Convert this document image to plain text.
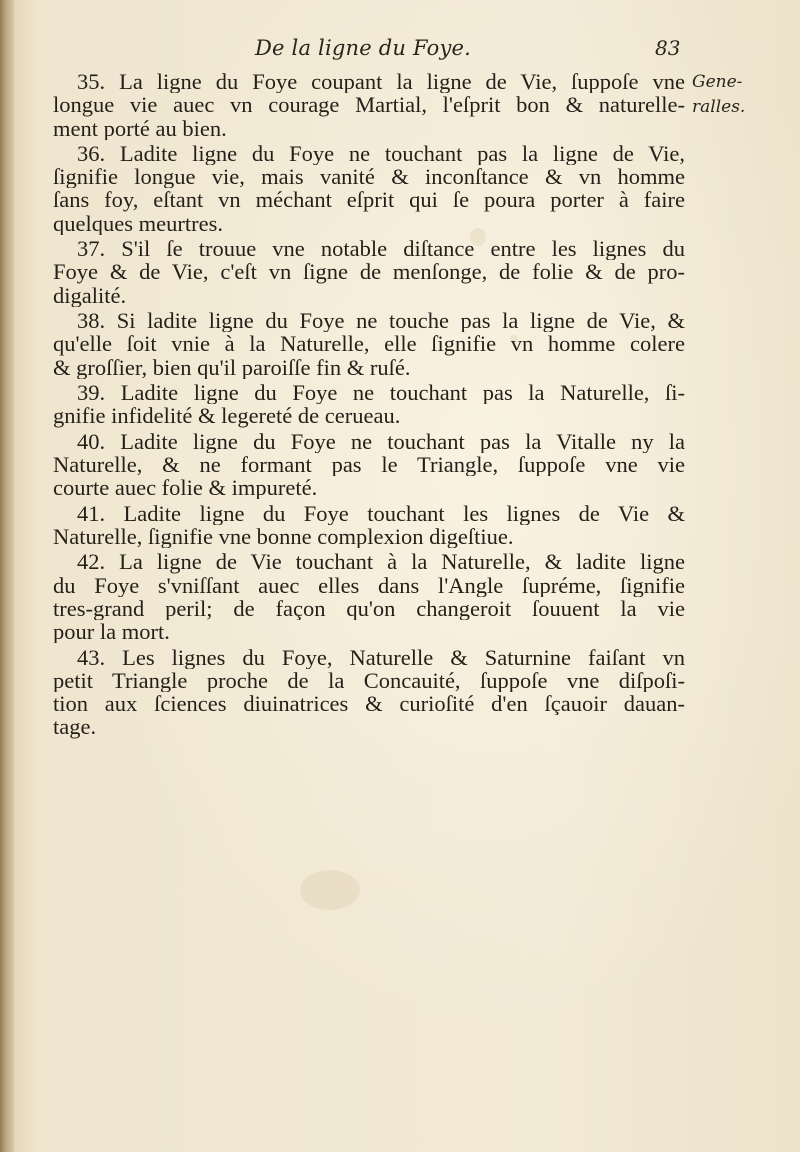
De la ligne du Foye.	83
Gene-
ralles.
35. La ligne du Foye coupant la ligne de Vie, ſuppoſe vne
longue vie auec vn courage Martial, l'eſprit bon & naturelle-
ment porté au bien.
36. Ladite ligne du Foye ne touchant pas la ligne de Vie,
ſignifie longue vie, mais vanité & inconſtance & vn homme
ſans foy, eſtant vn méchant eſprit qui ſe poura porter à faire
quelques meurtres.
37. S'il ſe trouue vne notable diſtance entre les lignes du
Foye & de Vie, c'eſt vn ſigne de menſonge, de folie & de pro-
digalité.
38. Si ladite ligne du Foye ne touche pas la ligne de Vie, &
qu'elle ſoit vnie à la Naturelle, elle ſignifie vn homme colere
& groſſier, bien qu'il paroiſſe fin & ruſé.
39. Ladite ligne du Foye ne touchant pas la Naturelle, ſi-
gnifie infidelité & legereté de cerueau.
40. Ladite ligne du Foye ne touchant pas la Vitalle ny la
Naturelle, & ne formant pas le Triangle, ſuppoſe vne vie
courte auec folie & impureté.
41. Ladite ligne du Foye touchant les lignes de Vie &
Naturelle, ſignifie vne bonne complexion digeſtiue.
42. La ligne de Vie touchant à la Naturelle, & ladite ligne
du Foye s'vniſſant auec elles dans l'Angle ſupréme, ſignifie
tres-grand peril; de façon qu'on changeroit ſouuent la vie
pour la mort.
43. Les lignes du Foye, Naturelle & Saturnine faiſant vn
petit Triangle proche de la Concauité, ſuppoſe vne diſpoſi-
tion aux ſciences diuinatrices & curioſité d'en ſçauoir dauan-
tage.
